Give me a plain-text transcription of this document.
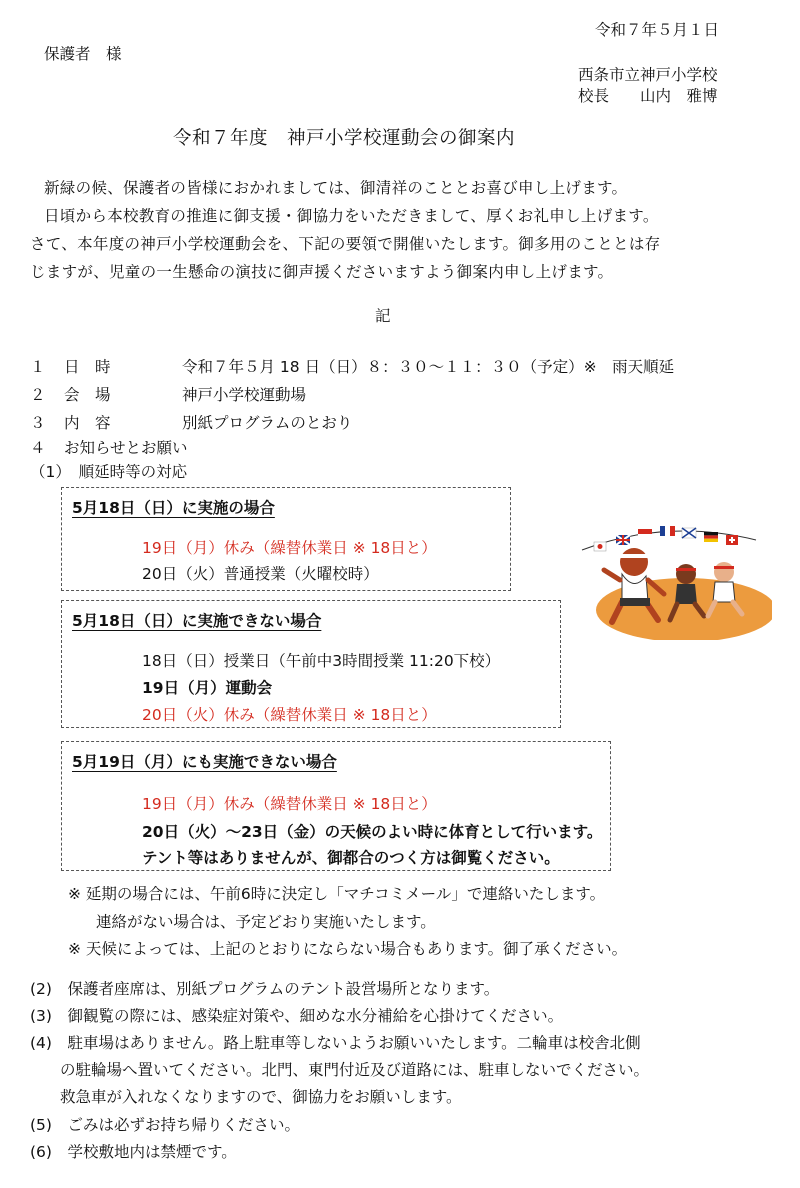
令和７年５月１日
保護者　様
西条市立神戸小学校
校長　　山内　雅博
令和７年度　神戸小学校運動会の御案内
新緑の候、保護者の皆様におかれましては、御清祥のこととお喜び申し上げます。
日頃から本校教育の推進に御支援・御協力をいただきまして、厚くお礼申し上げます。
さて、本年度の神戸小学校運動会を、下記の要領で開催いたします。御多用のこととは存
じますが、児童の一生懸命の演技に御声援くださいますよう御案内申し上げます。
記
１ 日　時	令和７年５月 18 日（日）８：３０～１１：３０（予定）※　雨天順延
２ 会　場	神戸小学校運動場
３ 内　容	別紙プログラムのとおり
４ お知らせとお願い
（1）　順延時等の対応
5月18日（日）に実施の場合
19日（月）休み（繰替休業日 ※ 18日と）
20日（火）普通授業（火曜校時）
5月18日（日）に実施できない場合
18日（日）授業日（午前中3時間授業 11:20下校）
19日（月）運動会
20日（火）休み（繰替休業日 ※ 18日と）
5月19日（月）にも実施できない場合
19日（月）休み（繰替休業日 ※ 18日と）
20日（火）～23日（金）の天候のよい時に体育として行います。
テント等はありませんが、御都合のつく方は御覧ください。
※ 延期の場合には、午前6時に決定し「マチコミメール」で連絡いたします。
連絡がない場合は、予定どおり実施いたします。
※ 天候によっては、上記のとおりにならない場合もあります。御了承ください。
(2)　保護者座席は、別紙プログラムのテント設営場所となります。
(3)　御観覧の際には、感染症対策や、細めな水分補給を心掛けてください。
(4)　駐車場はありません。路上駐車等しないようお願いいたします。二輪車は校舎北側
の駐輪場へ置いてください。北門、東門付近及び道路には、駐車しないでください。
救急車が入れなくなりますので、御協力をお願いします。
(5)　ごみは必ずお持ち帰りください。
(6)　学校敷地内は禁煙です。
